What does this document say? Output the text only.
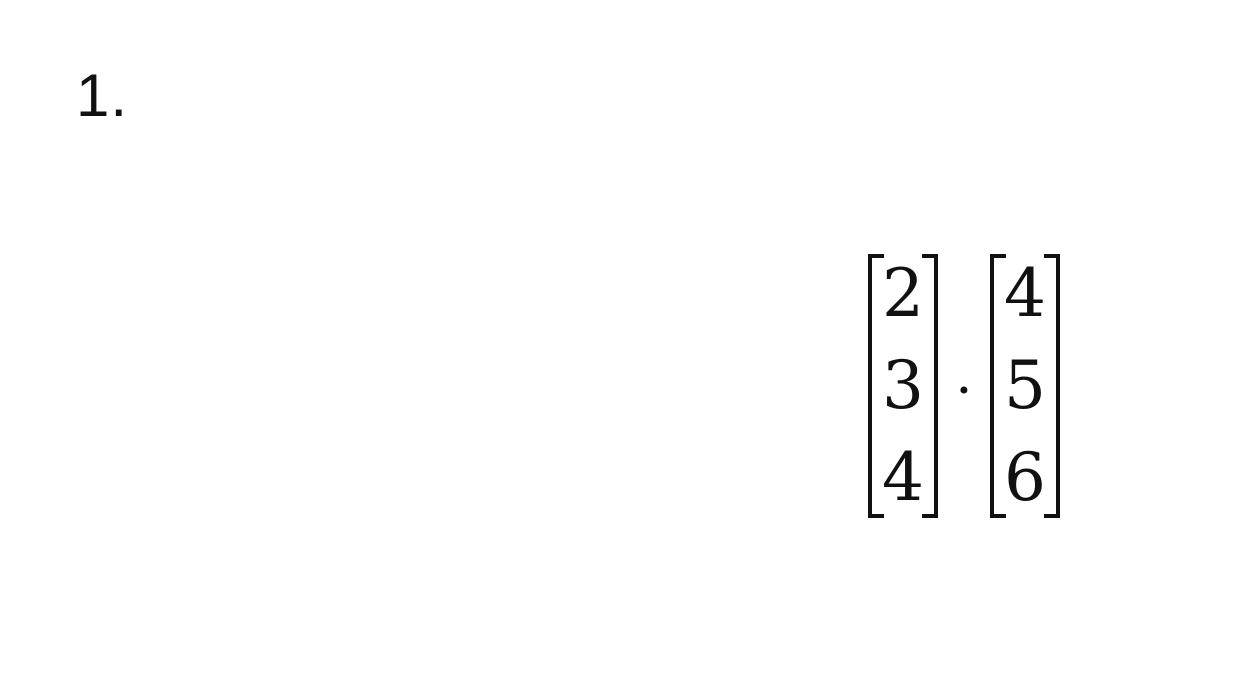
1.
2
3
4
·
4
5
6
